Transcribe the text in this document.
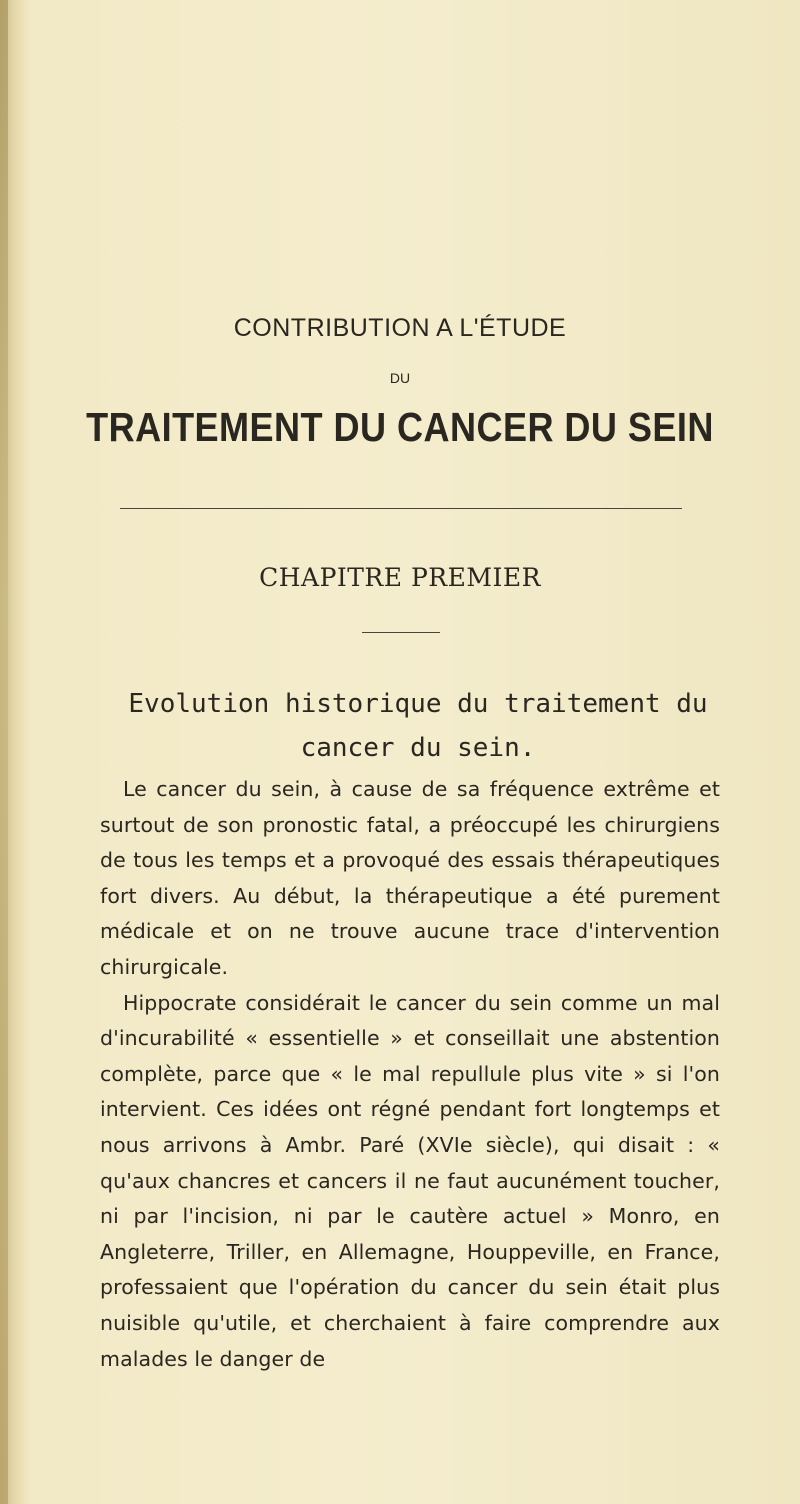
CONTRIBUTION A L'ÉTUDE
DU
TRAITEMENT DU CANCER DU SEIN
CHAPITRE PREMIER
Evolution historique du traitement du cancer du sein.

Le cancer du sein, à cause de sa fréquence extrême et surtout de son pronostic fatal, a préoccupé les chirurgiens de tous les temps et a provoqué des essais thérapeutiques fort divers. Au début, la thérapeutique a été purement médicale et on ne trouve aucune trace d'intervention chirurgicale.

Hippocrate considérait le cancer du sein comme un mal d'incurabilité « essentielle » et conseillait une abstention complète, parce que « le mal repullule plus vite » si l'on intervient. Ces idées ont régné pendant fort longtemps et nous arrivons à Ambr. Paré (XVIe siècle), qui disait : « qu'aux chancres et cancers il ne faut aucunément toucher, ni par l'incision, ni par le cautère actuel » Monro, en Angleterre, Triller, en Allemagne, Houppeville, en France, professaient que l'opération du cancer du sein était plus nuisible qu'utile, et cherchaient à faire comprendre aux malades le danger de
